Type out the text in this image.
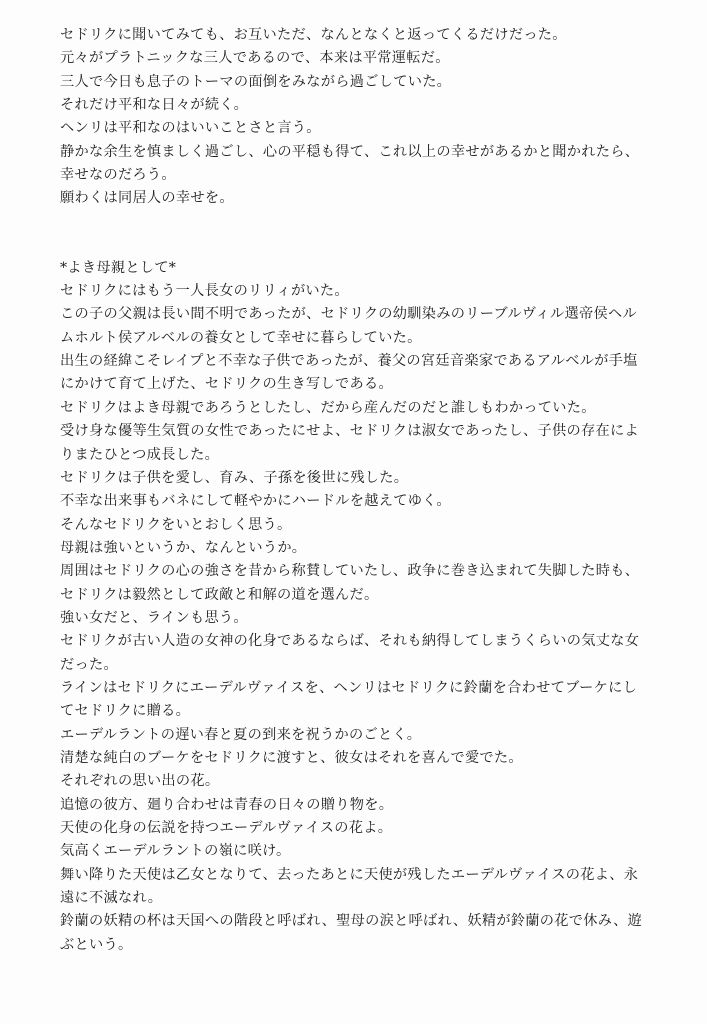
セドリクに聞いてみても、お互いただ、なんとなくと返ってくるだけだった。
元々がプラトニックな三人であるので、本来は平常運転だ。
三人で今日も息子のトーマの面倒をみながら過ごしていた。
それだけ平和な日々が続く。
ヘンリは平和なのはいいことさと言う。
静かな余生を慎ましく過ごし、心の平穏も得て、これ以上の幸せがあるかと聞かれたら、
幸せなのだろう。
願わくは同居人の幸せを。
*よき母親として*
セドリクにはもう一人長女のリリィがいた。
この子の父親は長い間不明であったが、セドリクの幼馴染みのリーブルヴィル選帝侯ヘル
ムホルト侯アルベルの養女として幸せに暮らしていた。
出生の経緯こそレイプと不幸な子供であったが、養父の宮廷音楽家であるアルベルが手塩
にかけて育て上げた、セドリクの生き写しである。
セドリクはよき母親であろうとしたし、だから産んだのだと誰しもわかっていた。
受け身な優等生気質の女性であったにせよ、セドリクは淑女であったし、子供の存在によ
りまたひとつ成長した。
セドリクは子供を愛し、育み、子孫を後世に残した。
不幸な出来事もバネにして軽やかにハードルを越えてゆく。
そんなセドリクをいとおしく思う。
母親は強いというか、なんというか。
周囲はセドリクの心の強さを昔から称賛していたし、政争に巻き込まれて失脚した時も、
セドリクは毅然として政敵と和解の道を選んだ。
強い女だと、ラインも思う。
セドリクが古い人造の女神の化身であるならば、それも納得してしまうくらいの気丈な女
だった。
ラインはセドリクにエーデルヴァイスを、ヘンリはセドリクに鈴蘭を合わせてブーケにし
てセドリクに贈る。
エーデルラントの遅い春と夏の到来を祝うかのごとく。
清楚な純白のブーケをセドリクに渡すと、彼女はそれを喜んで愛でた。
それぞれの思い出の花。
追憶の彼方、廻り合わせは青春の日々の贈り物を。
天使の化身の伝説を持つエーデルヴァイスの花よ。
気高くエーデルラントの嶺に咲け。
舞い降りた天使は乙女となりて、去ったあとに天使が残したエーデルヴァイスの花よ、永
遠に不滅なれ。
鈴蘭の妖精の杯は天国への階段と呼ばれ、聖母の涙と呼ばれ、妖精が鈴蘭の花で休み、遊
ぶという。
